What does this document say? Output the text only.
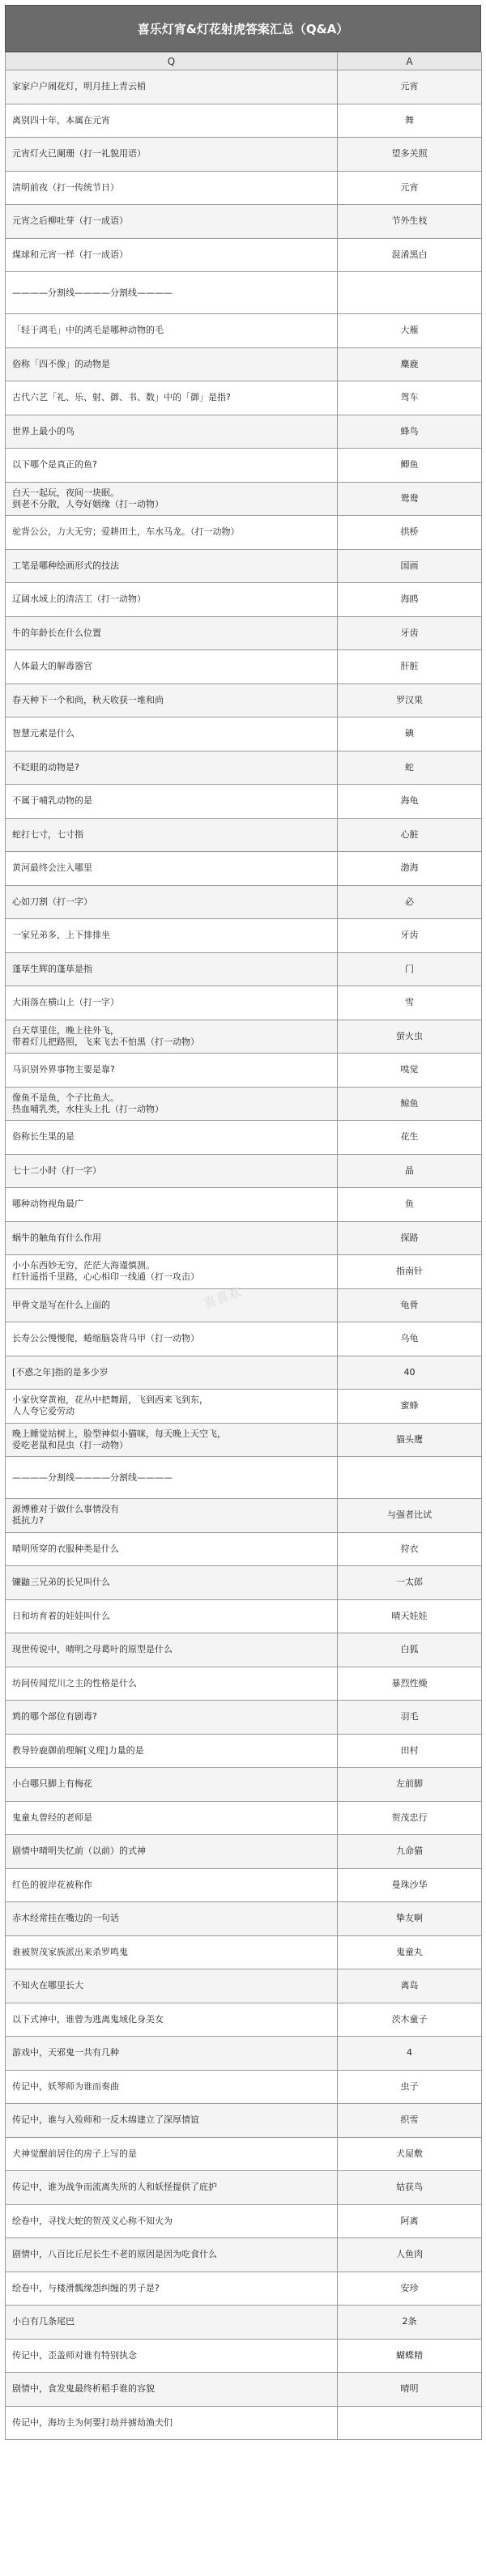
喜乐灯宵&灯花射虎答案汇总（Q&A）
Q	A

家家户户闹花灯，明月挂上青云梢	元宵

离别四十年，本属在元宵	舞

元宵灯火已阑珊（打一礼貌用语）	望多关照

清明前夜（打一传统节日）	元宵

元宵之后柳吐芽（打一成语）	节外生枝

煤球和元宵一样（打一成语）	混淆黑白

————分割线————分割线————	

「轻于鸿毛」中的鸿毛是哪种动物的毛	大雁

俗称「四不像」的动物是	麋鹿

古代六艺「礼、乐、射、御、书、数」中的「御」是指?	驾车

世界上最小的鸟	蜂鸟

以下哪个是真正的鱼?	鲫鱼

白天一起玩，夜间一块眠。
到老不分散，人夸好姻缘（打一动物）	鸳鸯

驼背公公，力大无穷；爱耕田土，车水马龙。（打一动物）	拱桥

工笔是哪种绘画形式的技法	国画

辽阔水域上的清洁工（打一动物）	海鸥

牛的年龄长在什么位置	牙齿

人体最大的解毒器官	肝脏

春天种下一个和尚，秋天收获一堆和尚	罗汉果

智慧元素是什么	碘

不眨眼的动物是?	蛇

不属于哺乳动物的是	海龟

蛇打七寸，七寸指	心脏

黄河最终会注入哪里	渤海

心如刀割（打一字）	必

一家兄弟多，上下排排坐	牙齿

蓬荜生辉的蓬荜是指	门

大雨落在横山上（打一字）	雪

白天草里住，晚上往外飞，
带着灯儿把路照，飞来飞去不怕黑（打一动物）	萤火虫

马识别外界事物主要是靠?	嗅觉

像鱼不是鱼，个子比鱼大。
热血哺乳类，水柱头上扎（打一动物）	鲸鱼

俗称长生果的是	花生

七十二小时（打一字）	晶

哪种动物视角最广	鱼

蜗牛的触角有什么作用	探路

小小东西妙无穷，茫茫大海谨慎测。
红针遥指千里路，心心相印一线通（打一攻击）	指南针

甲骨文是写在什么上面的	龟骨

长寿公公慢慢爬，蜷缩脑袋背马甲（打一动物）	乌龟

[不惑之年]指的是多少岁	40

小家伙穿黄袍，花丛中把舞蹈，飞到西来飞到东，
人人夸它爱劳动	蜜蜂

晚上睡觉站树上，脸型神似小猫咪，每天晚上天空飞，
爱吃老鼠和昆虫（打一动物）	猫头鹰

————分割线————分割线————	

源博雅对于做什么事情没有
抵抗力?	与强者比试

晴明所穿的衣服种类是什么	狩衣

镰鼬三兄弟的长兄叫什么	一太郎

日和坊育着的娃娃叫什么	晴天娃娃

现世传说中，晴明之母葛叶的原型是什么	白狐

坊间传闻荒川之主的性格是什么	暴烈性燥

鸩的哪个部位有剧毒?	羽毛

教导铃鹿御前理解[义理]力量的是	田村

小白哪只脚上有梅花	左前脚

鬼童丸曾经的老师是	贺茂忠行

剧情中晴明失忆前（以前）的式神	九命猫

红色的彼岸花被称作	曼珠沙华

赤木经常挂在嘴边的一句话	挚友啊

谁被贺茂家族派出来杀罗鸣鬼	鬼童丸

不知火在哪里长大	离岛

以下式神中，谁曾为逃离鬼域化身美女	茨木童子

游戏中，天邪鬼一共有几种	4

传记中，妖琴师为谁而奏曲	虫子

传记中，谁与入殓师和一反木绵建立了深厚情谊	织雪

犬神觉醒前居住的房子上写的是	犬屋敷

传记中，谁为战争而流离失所的人和妖怪提供了庇护	姑获鸟

绘卷中，寻找大蛇的贺茂义心称不知火为	阿离

剧情中，八百比丘尼长生不老的原因是因为吃食什么	人鱼肉

绘卷中，与楼滑瓢缘怨纠缠的男子是?	安珍

小白有几条尾巴	2条

传记中，歪盖师对谁有特别执念	蝴蝶精

剧情中，食发鬼最终析稻手谁的容貌	晴明

传记中，海坊主为何要打劫并掳劫渔夫们	

喜喜欢
